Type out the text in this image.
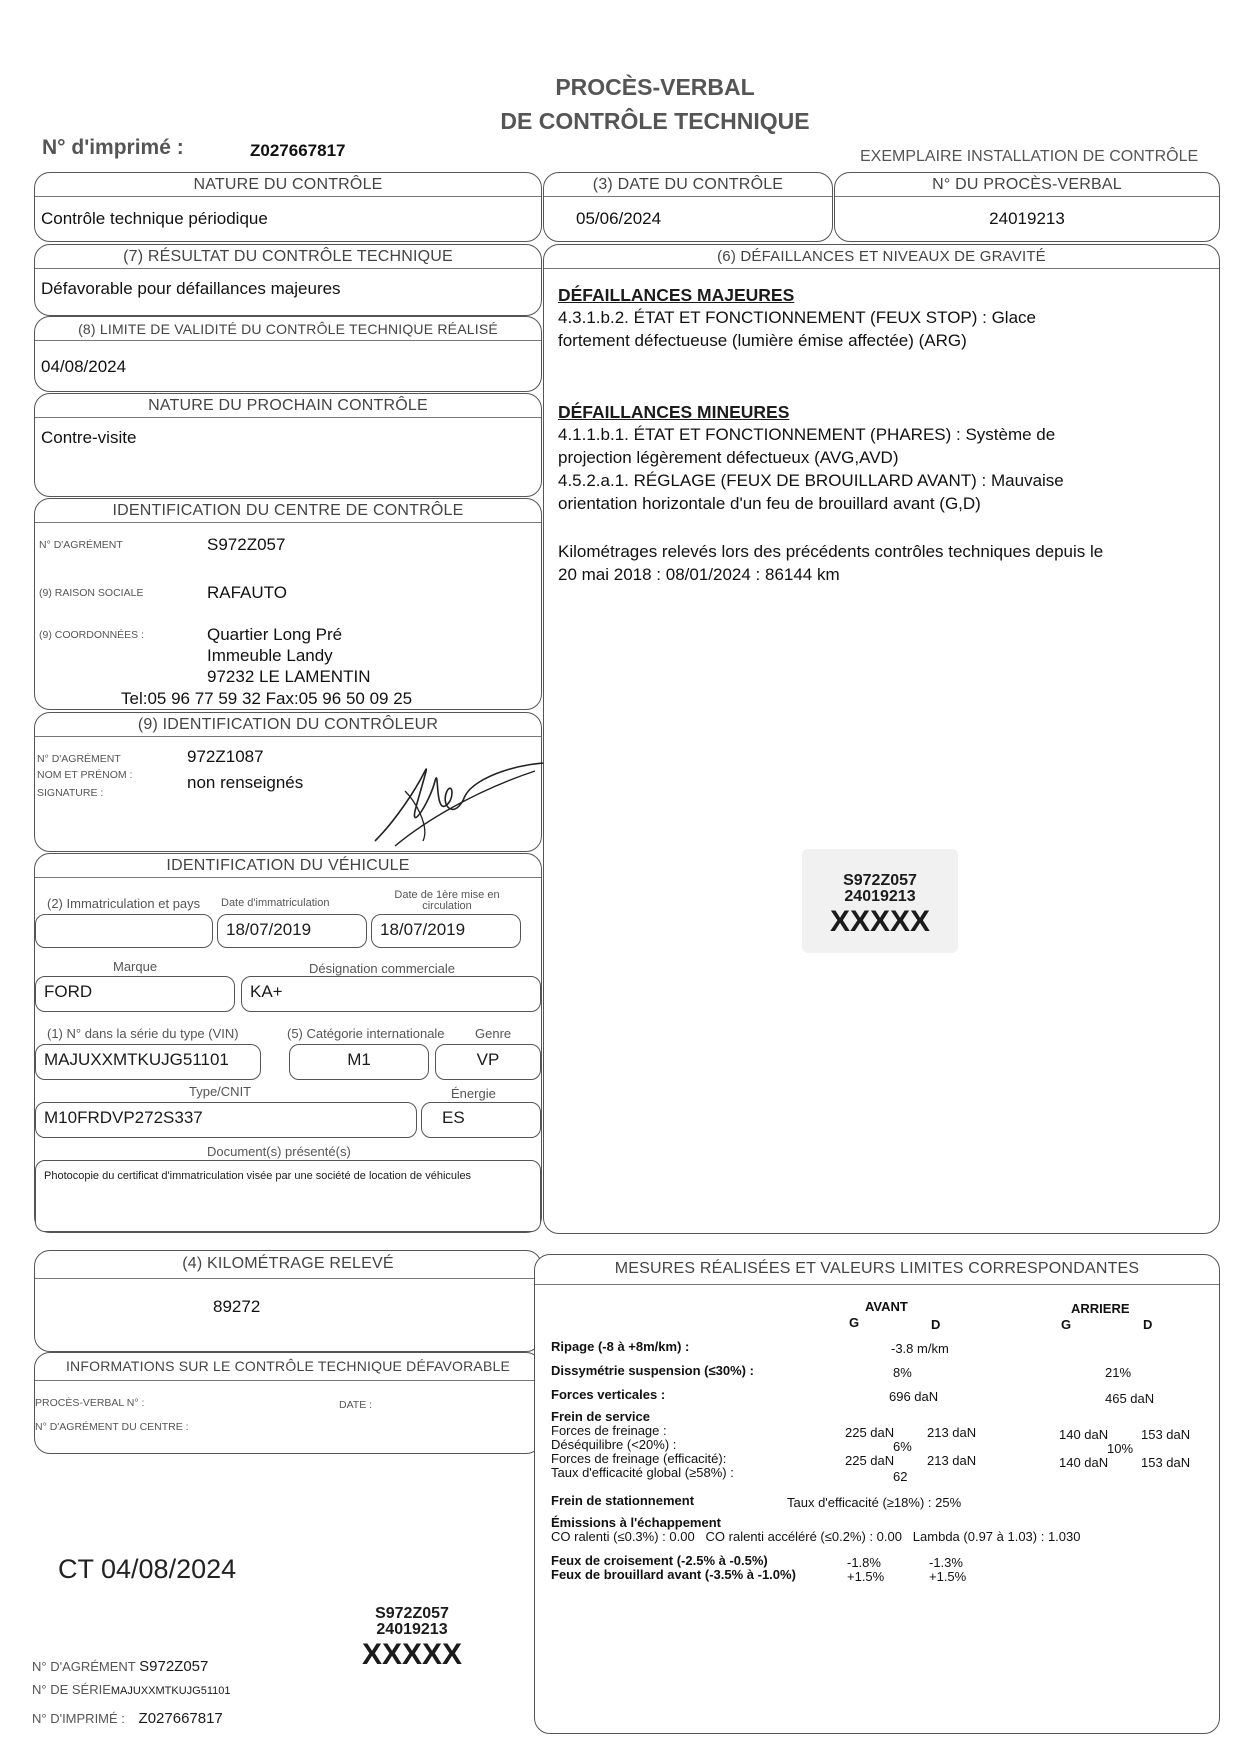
PROCÈS-VERBAL
DE CONTRÔLE TECHNIQUE
N° d'imprimé :	Z027667817	EXEMPLAIRE INSTALLATION DE CONTRÔLE
NATURE DU CONTRÔLE
Contrôle technique périodique
(3) DATE DU CONTRÔLE
05/06/2024
N° DU PROCÈS-VERBAL
24019213
(7) RÉSULTAT DU CONTRÔLE TECHNIQUE
Défavorable pour défaillances majeures
(8) LIMITE DE VALIDITÉ DU CONTRÔLE TECHNIQUE RÉALISÉ
04/08/2024
NATURE DU PROCHAIN CONTRÔLE
Contre-visite
IDENTIFICATION DU CENTRE DE CONTRÔLE
N° D'AGRÉMENT	S972Z057
(9) RAISON SOCIALE	RAFAUTO
(9) COORDONNÉES :	Quartier Long Pré
Immeuble Landy
97232 LE LAMENTIN
Tel:05 96 77 59 32 Fax:05 96 50 09 25
(9) IDENTIFICATION DU CONTRÔLEUR
N° D'AGRÉMENT	972Z1087
NOM ET PRÉNOM :	non renseignés
SIGNATURE :
IDENTIFICATION DU VÉHICULE
(2) Immatriculation et pays Date d'immatriculation
Date de 1ère mise en circulation
18/07/2019	18/07/2019
Marque	Désignation commerciale
FORD	KA+
(1) N° dans la série du type (VIN)	(5) Catégorie internationale Genre
MAJUXXMTKUJG51101	M1	VP
Type/CNIT	Énergie
M10FRDVP272S337	ES
Document(s) présenté(s)
Photocopie du certificat d'immatriculation visée par une société de location de véhicules
(6) DÉFAILLANCES ET NIVEAUX DE GRAVITÉ
DÉFAILLANCES MAJEURES
4.3.1.b.2. ÉTAT ET FONCTIONNEMENT (FEUX STOP) : Glace
fortement défectueuse (lumière émise affectée) (ARG)
DÉFAILLANCES MINEURES
4.1.1.b.1. ÉTAT ET FONCTIONNEMENT (PHARES) : Système de
projection légèrement défectueux (AVG,AVD)
4.5.2.a.1. RÉGLAGE (FEUX DE BROUILLARD AVANT) : Mauvaise
orientation horizontale d'un feu de brouillard avant (G,D)
Kilométrages relevés lors des précédents contrôles techniques depuis le
20 mai 2018 : 08/01/2024 : 86144 km
S972Z057
24019213
XXXXX
(4) KILOMÉTRAGE RELEVÉ
89272
INFORMATIONS SUR LE CONTRÔLE TECHNIQUE DÉFAVORABLE
PROCÈS-VERBAL N° :	DATE :
N° D'AGRÉMENT DU CENTRE :
CT 04/08/2024
S972Z057
24019213
XXXXX
N° D'AGRÉMENT S972Z057
N° DE SÉRIEMAJUXXMTKUJG51101
N° D'IMPRIMÉ : Z027667817
MESURES RÉALISÉES ET VALEURS LIMITES CORRESPONDANTES
AVANT	ARRIERE
G	D	G	D
Ripage (-8 à +8m/km) :	-3.8 m/km
Dissymétrie suspension (≤30%) :	8%	21%
Forces verticales :	696 daN	465 daN
Frein de service
Forces de freinage :	225 daN	213 daN	140 daN	153 daN
Déséquilibre (<20%) :	6%	10%
Forces de freinage (efficacité):	225 daN	213 daN	140 daN	153 daN
Taux d'efficacité global (≥58%) :	62
Frein de stationnement	Taux d'efficacité (≥18%) : 25%
Émissions à l'échappement
CO ralenti (≤0.3%) : 0.00   CO ralenti accéléré (≤0.2%) : 0.00   Lambda (0.97 à 1.03) : 1.030
Feux de croisement (-2.5% à -0.5%)	-1.8%	-1.3%
Feux de brouillard avant (-3.5% à -1.0%)	+1.5%	+1.5%
